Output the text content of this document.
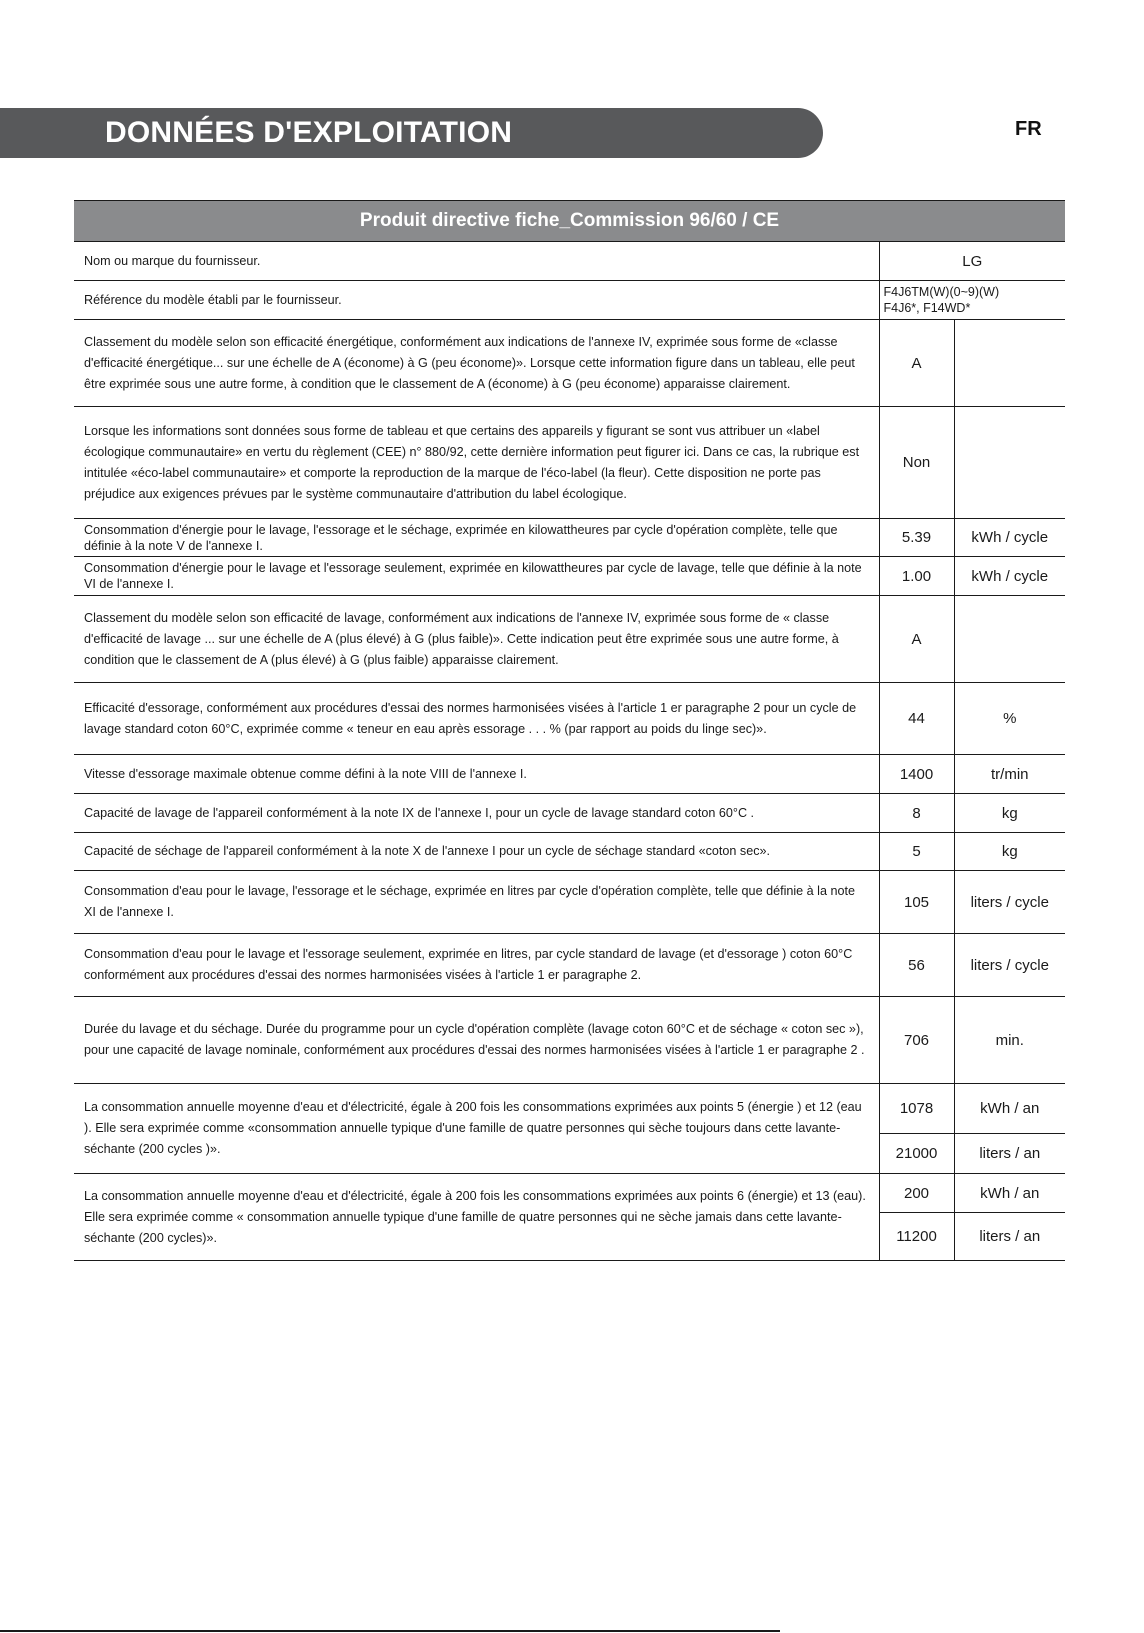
DONNÉES D'EXPLOITATION	FR
Produit directive fiche_Commission 96/60 / CE		
Nom ou marque du fournisseur.	LG	
Référence du modèle établi par le fournisseur.	F4J6TM(W)(0~9)(W)
F4J6*, F14WD*	
Classement du modèle selon son efficacité énergétique, conformément aux indications de l'annexe IV, exprimée sous forme de «classe d'efficacité énergétique... sur une échelle de A (économe) à G (peu économe)». Lorsque cette information figure dans un tableau, elle peut être exprimée sous une autre forme, à condition que le classement de A (économe) à G (peu économe) apparaisse clairement.	A	
Lorsque les informations sont données sous forme de tableau et que certains des appareils y figurant se sont vus attribuer un «label écologique communautaire» en vertu du règlement (CEE) n° 880/92, cette dernière information peut figurer ici. Dans ce cas, la rubrique est intitulée «éco-label communautaire» et comporte la reproduction de la marque de l'éco-label (la fleur). Cette disposition ne porte pas préjudice aux exigences prévues par le système communautaire d'attribution du label écologique.	Non	
Consommation d'énergie pour le lavage, l'essorage et le séchage, exprimée en kilowattheures par cycle d'opération complète, telle que définie à la note V de l'annexe I.	5.39	kWh / cycle
Consommation d'énergie pour le lavage et l'essorage seulement, exprimée en kilowattheures par cycle de lavage, telle que définie à la note VI de l'annexe I.	1.00	kWh / cycle
Classement du modèle selon son efficacité de lavage, conformément aux indications de l'annexe IV, exprimée sous forme de « classe d'efficacité de lavage ... sur une échelle de A (plus élevé) à G (plus faible)». Cette indication peut être exprimée sous une autre forme, à condition que le classement de A (plus élevé) à G (plus faible) apparaisse clairement.	A	
Efficacité d'essorage, conformément aux procédures d'essai des normes harmonisées visées à l'article 1 er paragraphe 2 pour un cycle de lavage standard coton 60°C, exprimée comme « teneur en eau après essorage . . . % (par rapport au poids du linge sec)».	44	%
Vitesse d'essorage maximale obtenue comme défini à la note VIII de l'annexe I.	1400	tr/min
Capacité de lavage de l'appareil conformément à la note IX de l'annexe I, pour un cycle de lavage standard coton 60°C .	8	kg
Capacité de séchage de l'appareil conformément à la note X de l'annexe I pour un cycle de séchage standard «coton sec».	5	kg
Consommation d'eau pour le lavage, l'essorage et le séchage, exprimée en litres par cycle d'opération complète, telle que définie à la note XI de l'annexe I.	105	liters / cycle
Consommation d'eau pour le lavage et l'essorage seulement, exprimée en litres, par cycle standard de lavage (et d'essorage ) coton 60°C conformément aux procédures d'essai des normes harmonisées visées à l'article 1 er paragraphe 2.	56	liters / cycle
Durée du lavage et du séchage. Durée du programme pour un cycle d'opération complète (lavage coton 60°C et de séchage « coton sec »), pour une capacité de lavage nominale, conformément aux procédures d'essai des normes harmonisées visées à l'article 1 er paragraphe 2 .	706	min.
La consommation annuelle moyenne d'eau et d'électricité, égale à 200 fois les consommations exprimées aux points 5 (énergie ) et 12 (eau ). Elle sera exprimée comme «consommation annuelle typique d'une famille de quatre personnes qui sèche toujours dans cette lavante-séchante (200 cycles )».	1078	kWh / an
	21000	liters / an
La consommation annuelle moyenne d'eau et d'électricité, égale à 200 fois les consommations exprimées aux points 6 (énergie) et 13 (eau). Elle sera exprimée comme « consommation annuelle typique d'une famille de quatre personnes qui ne sèche jamais dans cette lavante-séchante (200 cycles)».	200	kWh / an
	11200	liters / an
